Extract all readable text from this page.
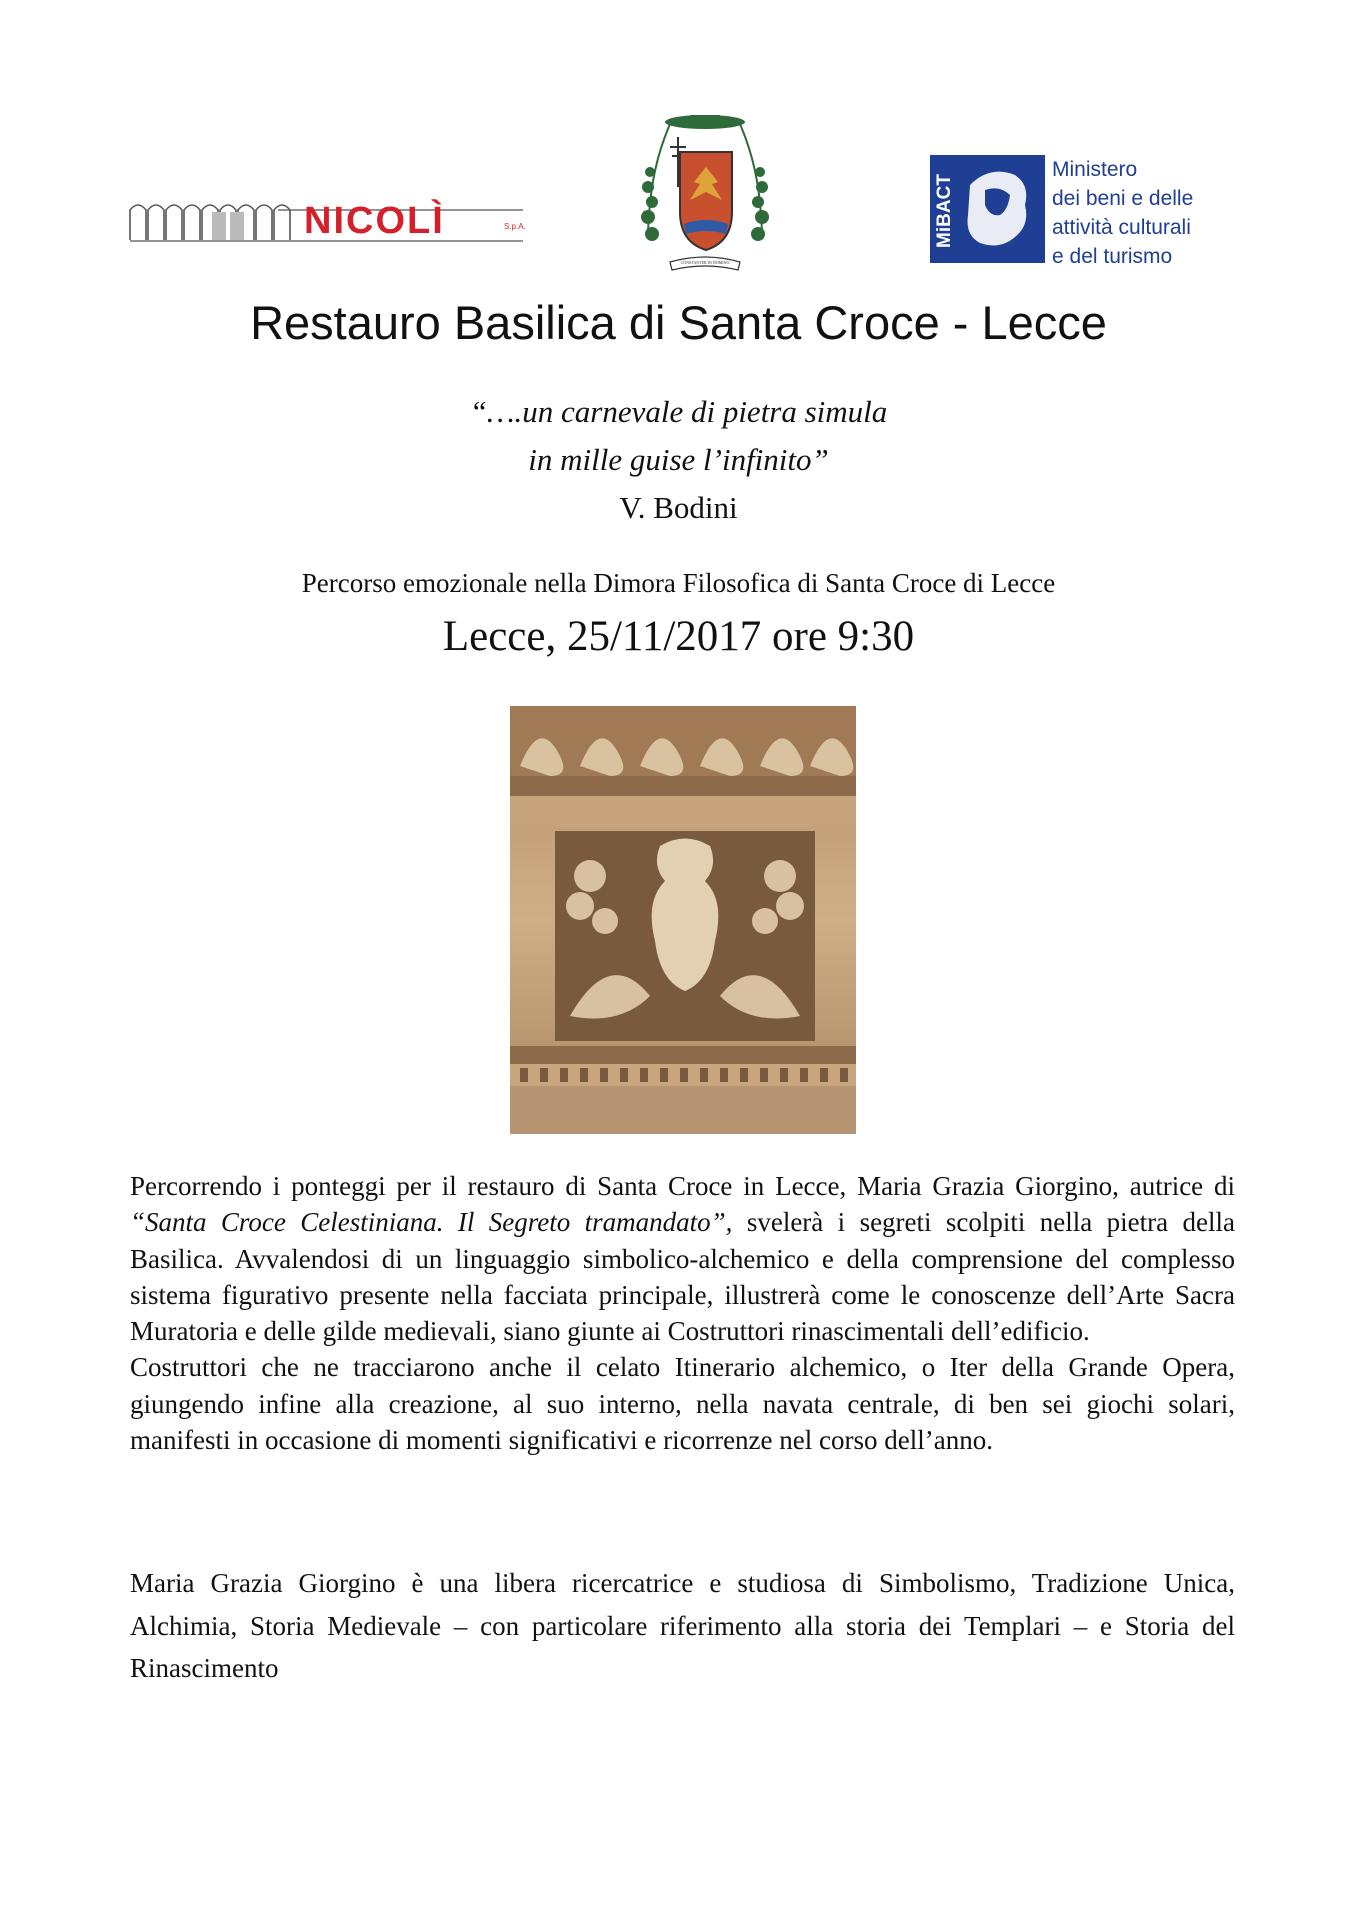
NICOLÌ	S.p.A.
CONSTANTER IN DOMINO
MiBACT
Ministero
dei beni e delle
attività culturali
e del turismo
Restauro Basilica di Santa Croce - Lecce
“….un carnevale di pietra simula
in mille guise l’infinito”
V. Bodini
Percorso emozionale nella Dimora Filosofica di Santa Croce di Lecce
Lecce, 25/11/2017 ore 9:30

Percorrendo i ponteggi per il restauro di Santa Croce in Lecce, Maria Grazia Giorgino, autrice di “Santa Croce Celestiniana. Il Segreto tramandato”, svelerà i segreti scolpiti nella pietra della Basilica. Avvalendosi di un linguaggio simbolico-alchemico e della comprensione del complesso sistema figurativo presente nella facciata principale, illustrerà come le conoscenze dell’Arte Sacra Muratoria e delle gilde medievali, siano giunte ai Costruttori rinascimentali dell’edificio.

Costruttori che ne tracciarono anche il celato Itinerario alchemico, o Iter della Grande Opera, giungendo infine alla creazione, al suo interno, nella navata centrale, di ben sei giochi solari, manifesti in occasione di momenti significativi e ricorrenze nel corso dell’anno.

Maria Grazia Giorgino è una libera ricercatrice e studiosa di Simbolismo, Tradizione Unica, Alchimia, Storia Medievale – con particolare riferimento alla storia dei Templari – e Storia del Rinascimento
